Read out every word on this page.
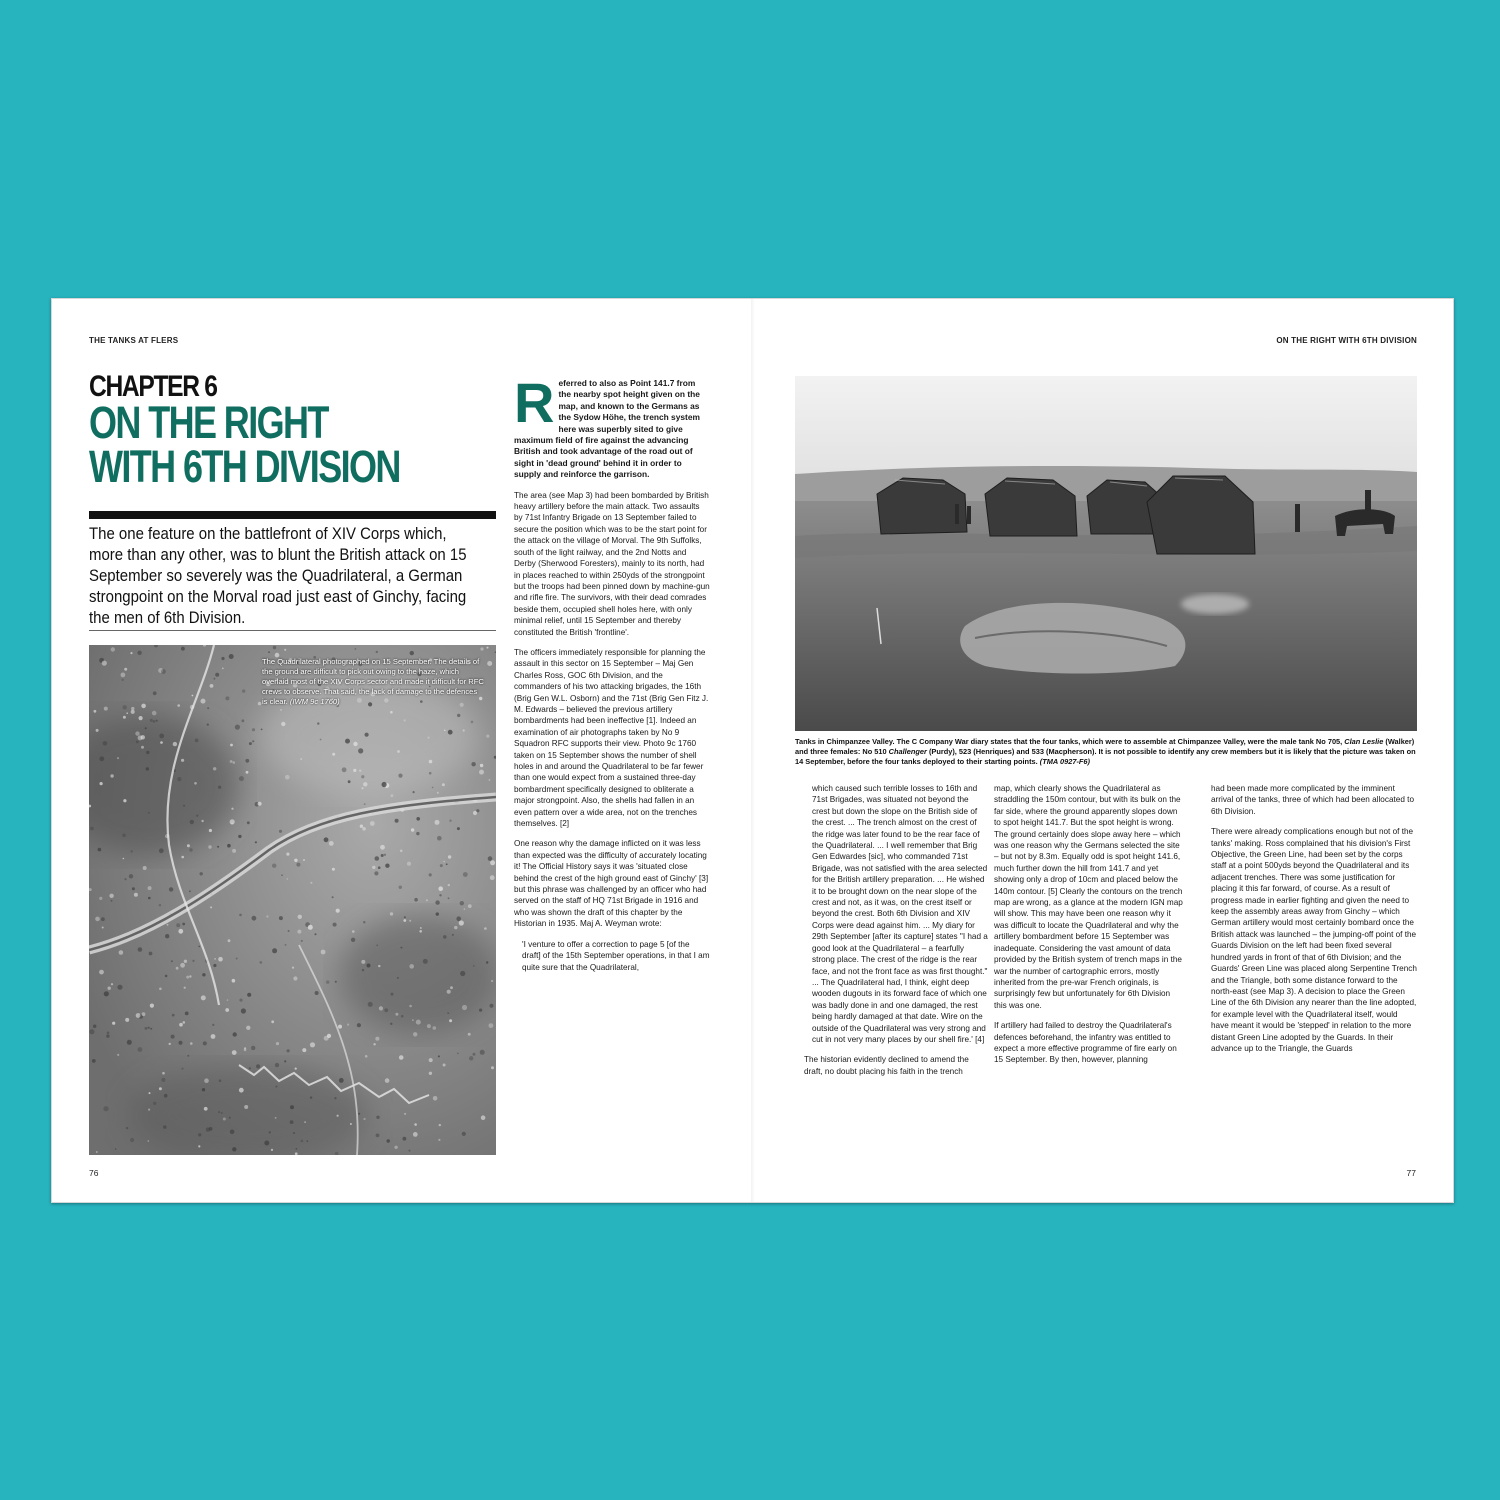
THE TANKS AT FLERS
CHAPTER 6
ON THE RIGHT
WITH 6TH DIVISION
The one feature on the battlefront of XIV Corps which, more than any other, was to blunt the British attack on 15 September so severely was the Quadrilateral, a German strongpoint on the Morval road just east of Ginchy, facing the men of 6th Division.
The Quadrilateral photographed on 15 September. The details of the ground are difficult to pick out owing to the haze, which overlaid most of the XIV Corps sector and made it difficult for RFC crews to observe. That said, the lack of damage to the defences is clear. (IWM 9c 1760)

Referred to also as Point 141.7 from the nearby spot height given on the map, and known to the Germans as the Sydow Höhe, the trench system here was superbly sited to give maximum field of fire against the advancing British and took advantage of the road out of sight in 'dead ground' behind it in order to supply and reinforce the garrison.

The area (see Map 3) had been bombarded by British heavy artillery before the main attack. Two assaults by 71st Infantry Brigade on 13 September failed to secure the position which was to be the start point for the attack on the village of Morval. The 9th Suffolks, south of the light railway, and the 2nd Notts and Derby (Sherwood Foresters), mainly to its north, had in places reached to within 250yds of the strongpoint but the troops had been pinned down by machine-gun and rifle fire. The survivors, with their dead comrades beside them, occupied shell holes here, with only minimal relief, until 15 September and thereby constituted the British 'frontline'.

The officers immediately responsible for planning the assault in this sector on 15 September – Maj Gen Charles Ross, GOC 6th Division, and the commanders of his two attacking brigades, the 16th (Brig Gen W.L. Osborn) and the 71st (Brig Gen Fitz J. M. Edwards – believed the previous artillery bombardments had been ineffective [1]. Indeed an examination of air photographs taken by No 9 Squadron RFC supports their view. Photo 9c 1760 taken on 15 September shows the number of shell holes in and around the Quadrilateral to be far fewer than one would expect from a sustained three-day bombardment specifically designed to obliterate a major strongpoint. Also, the shells had fallen in an even pattern over a wide area, not on the trenches themselves. [2]

One reason why the damage inflicted on it was less than expected was the difficulty of accurately locating it! The Official History says it was 'situated close behind the crest of the high ground east of Ginchy' [3] but this phrase was challenged by an officer who had served on the staff of HQ 71st Brigade in 1916 and who was shown the draft of this chapter by the Historian in 1935. Maj A. Weyman wrote:

'I venture to offer a correction to page 5 [of the draft] of the 15th September operations, in that I am quite sure that the Quadrilateral,

76
ON THE RIGHT WITH 6TH DIVISION
Tanks in Chimpanzee Valley. The C Company War diary states that the four tanks, which were to assemble at Chimpanzee Valley, were the male tank No 705, Clan Leslie (Walker) and three females: No 510 Challenger (Purdy), 523 (Henriques) and 533 (Macpherson). It is not possible to identify any crew members but it is likely that the picture was taken on 14 September, before the four tanks deployed to their starting points. (TMA 0927-F6)

which caused such terrible losses to 16th and 71st Brigades, was situated not beyond the crest but down the slope on the British side of the crest. ... The trench almost on the crest of the ridge was later found to be the rear face of the Quadrilateral. ... I well remember that Brig Gen Edwardes [sic], who commanded 71st Brigade, was not satisfied with the area selected for the British artillery preparation. ... He wished it to be brought down on the near slope of the crest and not, as it was, on the crest itself or beyond the crest. Both 6th Division and XIV Corps were dead against him. ... My diary for 29th September [after its capture] states "I had a good look at the Quadrilateral – a fearfully strong place. The crest of the ridge is the rear face, and not the front face as was first thought." ... The Quadrilateral had, I think, eight deep wooden dugouts in its forward face of which one was badly done in and one damaged, the rest being hardly damaged at that date. Wire on the outside of the Quadrilateral was very strong and cut in not very many places by our shell fire.' [4]

The historian evidently declined to amend the draft, no doubt placing his faith in the trench

map, which clearly shows the Quadrilateral as straddling the 150m contour, but with its bulk on the far side, where the ground apparently slopes down to spot height 141.7. But the spot height is wrong. The ground certainly does slope away here – which was one reason why the Germans selected the site – but not by 8.3m. Equally odd is spot height 141.6, much further down the hill from 141.7 and yet showing only a drop of 10cm and placed below the 140m contour. [5] Clearly the contours on the trench map are wrong, as a glance at the modern IGN map will show. This may have been one reason why it was difficult to locate the Quadrilateral and why the artillery bombardment before 15 September was inadequate. Considering the vast amount of data provided by the British system of trench maps in the war the number of cartographic errors, mostly inherited from the pre-war French originals, is surprisingly few but unfortunately for 6th Division this was one.

If artillery had failed to destroy the Quadrilateral's defences beforehand, the infantry was entitled to expect a more effective programme of fire early on 15 September. By then, however, planning

had been made more complicated by the imminent arrival of the tanks, three of which had been allocated to 6th Division.

There were already complications enough but not of the tanks' making. Ross complained that his division's First Objective, the Green Line, had been set by the corps staff at a point 500yds beyond the Quadrilateral and its adjacent trenches. There was some justification for placing it this far forward, of course. As a result of progress made in earlier fighting and given the need to keep the assembly areas away from Ginchy – which German artillery would most certainly bombard once the British attack was launched – the jumping-off point of the Guards Division on the left had been fixed several hundred yards in front of that of 6th Division; and the Guards' Green Line was placed along Serpentine Trench and the Triangle, both some distance forward to the north-east (see Map 3). A decision to place the Green Line of the 6th Division any nearer than the line adopted, for example level with the Quadrilateral itself, would have meant it would be 'stepped' in relation to the more distant Green Line adopted by the Guards. In their advance up to the Triangle, the Guards

77
